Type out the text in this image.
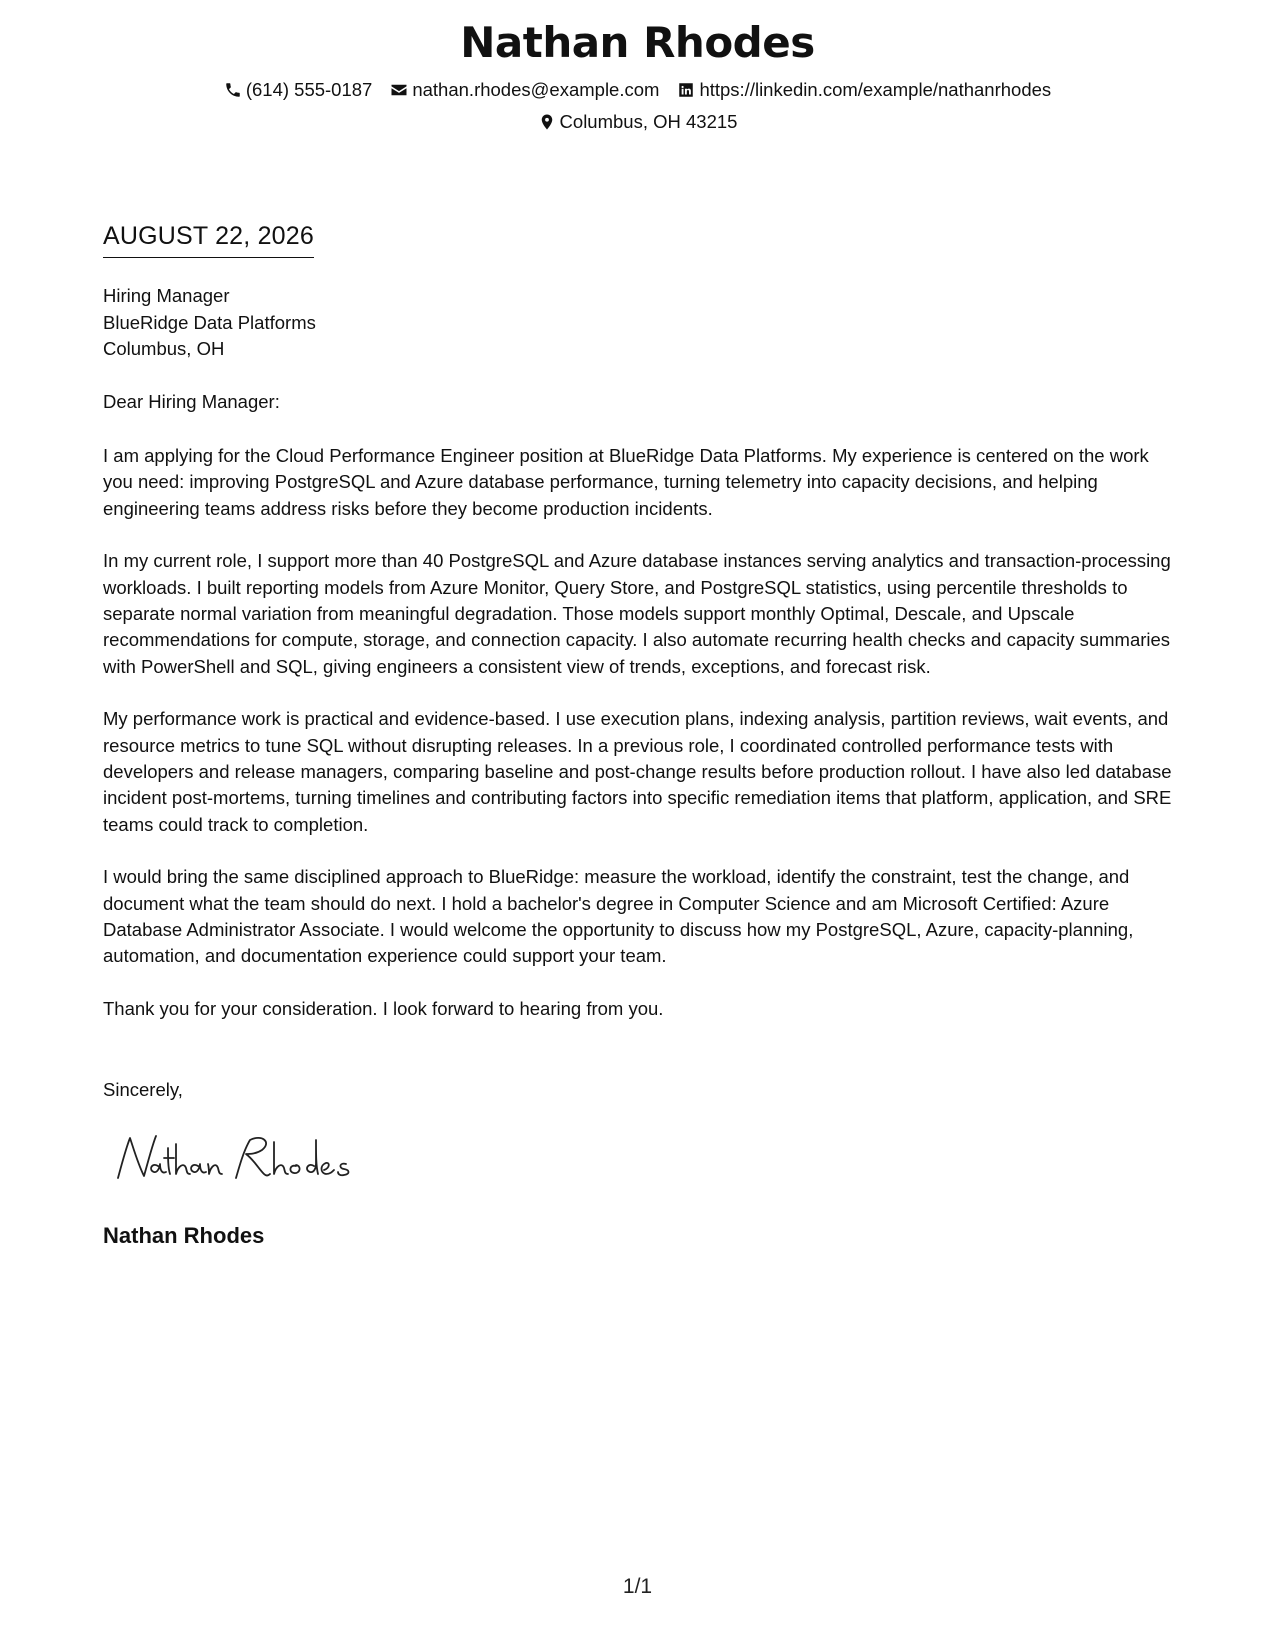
Nathan Rhodes
(614) 555-0187 nathan.rhodes@example.com https://linkedin.com/example/nathanrhodes
Columbus, OH 43215
AUGUST 22, 2026
Hiring Manager
BlueRidge Data Platforms
Columbus, OH
Dear Hiring Manager:

I am applying for the Cloud Performance Engineer position at BlueRidge Data Platforms. My experience is centered on the work you need: improving PostgreSQL and Azure database performance, turning telemetry into capacity decisions, and helping engineering teams address risks before they become production incidents.

In my current role, I support more than 40 PostgreSQL and Azure database instances serving analytics and transaction-processing workloads. I built reporting models from Azure Monitor, Query Store, and PostgreSQL statistics, using percentile thresholds to separate normal variation from meaningful degradation. Those models support monthly Optimal, Descale, and Upscale recommendations for compute, storage, and connection capacity. I also automate recurring health checks and capacity summaries with PowerShell and SQL, giving engineers a consistent view of trends, exceptions, and forecast risk.

My performance work is practical and evidence-based. I use execution plans, indexing analysis, partition reviews, wait events, and resource metrics to tune SQL without disrupting releases. In a previous role, I coordinated controlled performance tests with developers and release managers, comparing baseline and post-change results before production rollout. I have also led database incident post-mortems, turning timelines and contributing factors into specific remediation items that platform, application, and SRE teams could track to completion.

I would bring the same disciplined approach to BlueRidge: measure the workload, identify the constraint, test the change, and document what the team should do next. I hold a bachelor's degree in Computer Science and am Microsoft Certified: Azure Database Administrator Associate. I would welcome the opportunity to discuss how my PostgreSQL, Azure, capacity-planning, automation, and documentation experience could support your team.

Thank you for your consideration. I look forward to hearing from you.

Sincerely,
Nathan Rhodes
1/1
